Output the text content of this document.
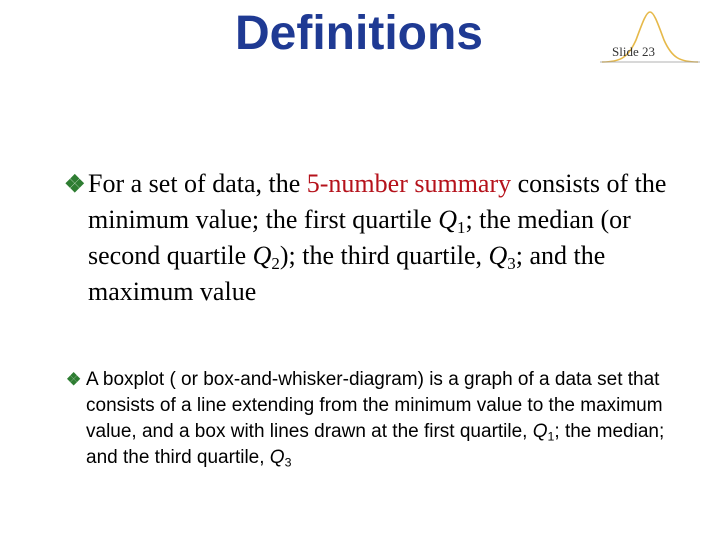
Definitions	Slide 23
❖ For a set of data, the 5-number summary consists of the minimum value; the first quartile $Q_1$; the median (or second quartile $Q_2$); the third quartile, $Q_3$; and the maximum value
❖ A boxplot ( or box-and-whisker-diagram) is a graph of a data set that consists of a line extending from the minimum value to the maximum value, and a box with lines drawn at the first quartile, $Q_1$; the median; and the third quartile, $Q_3$
